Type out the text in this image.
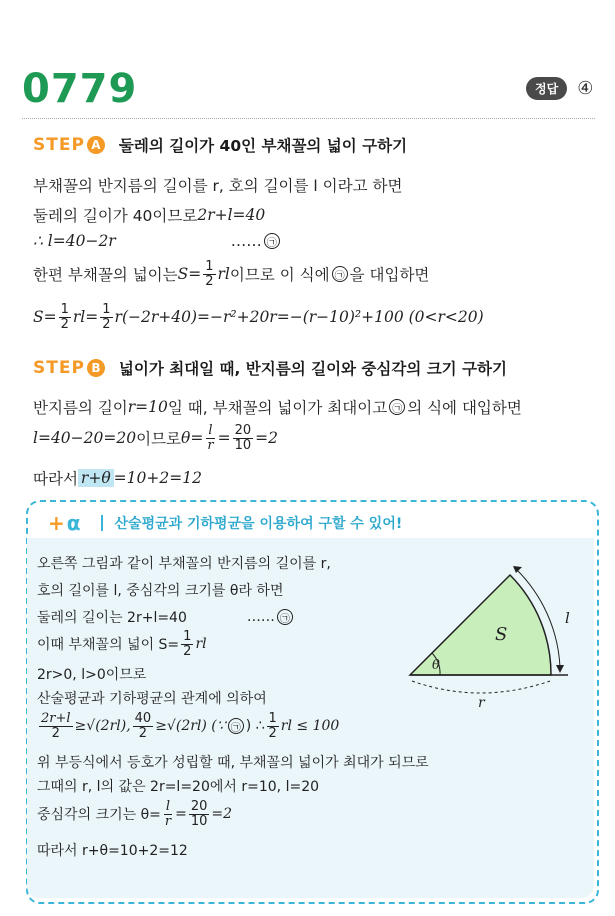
0779	정답	④
STEP A 둘레의 길이가 40인 부채꼴의 넓이 구하기
부채꼴의 반지름의 길이를 r, 호의 길이를 l 이라고 하면
둘레의 길이가 40이므로 2r+l=40
∴ l=40−2r	…… ㉠
한편 부채꼴의 넓이는 $S= \frac{1}{2}$ rl 이므로 이 식에 ㉠ 을 대입하면
$S= \frac{1}{2} rl= \frac{1}{2} r(-2r+40)=-r^2+20r=-(r-10)^2+100$ (0<r<20)
STEP B 넓이가 최대일 때, 반지름의 길이와 중심각의 크기 구하기
반지름의 길이 r=10 일 때, 부채꼴의 넓이가 최대이고 ㉠ 의 식에 대입하면
l=40−20=20 이므로 $\theta= \frac{l}{r} = \frac{20}{10} =2$
따라서 r+θ =10+2=12
+ α 산술평균과 기하평균을 이용하여 구할 수 있어!
오른쪽 그림과 같이 부채꼴의 반지름의 길이를 r,
호의 길이를 l, 중심각의 크기를 θ라 하면
둘레의 길이는 2r+l=40	…… ㉠
이때 부채꼴의 넓이 $S= \frac{1}{2}$ rl
2r>0, l>0이므로
산술평균과 기하평균의 관계에 의하여
$\frac{2r+l}{2} \ge√(2rl)$, $\frac{40}{2} \ge√(2rl)$ (∵ ㉠ ) ∴ $\frac{1}{2}$ rl ≤ 100
위 부등식에서 등호가 성립할 때, 부채꼴의 넓이가 최대가 되므로
그때의 r, l의 값은 2r=l=20에서 r=10, l=20
중심각의 크기는 $\theta= \frac{l}{r} = \frac{20}{10} =2$
따라서 r+θ=10+2=12
S
l
θ
r
